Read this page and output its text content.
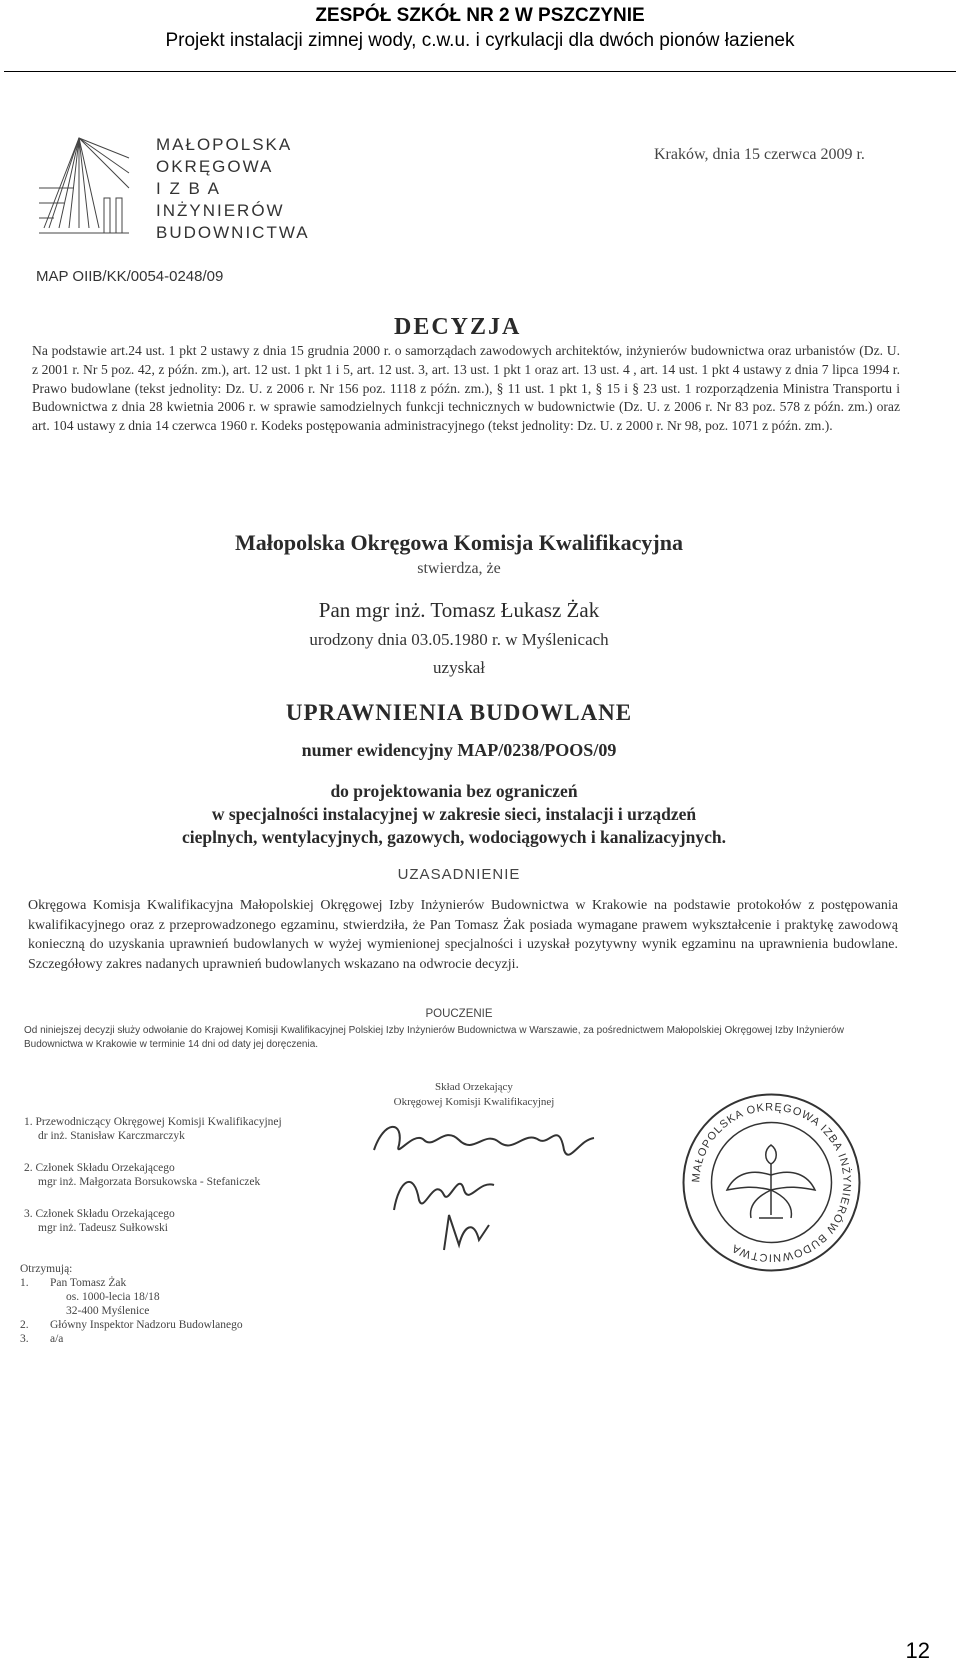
ZESPÓŁ SZKÓŁ NR 2 W PSZCZYNIE
Projekt instalacji zimnej wody, c.w.u. i cyrkulacji dla dwóch pionów łazienek
MAŁOPOLSKA
OKRĘGOWA
I Z B A
INŻYNIERÓW
BUDOWNICTWA
Kraków, dnia 15 czerwca 2009 r.
MAP OIIB/KK/0054-0248/09
DECYZJA
Na podstawie art.24 ust. 1 pkt 2 ustawy z dnia 15 grudnia 2000 r. o samorządach zawodowych architektów, inżynierów budownictwa oraz urbanistów (Dz. U. z 2001 r. Nr 5 poz. 42, z późn. zm.), art. 12 ust. 1 pkt 1 i 5, art. 12 ust. 3, art. 13 ust. 1 pkt 1 oraz art. 13 ust. 4 , art. 14 ust. 1 pkt 4 ustawy z dnia 7 lipca 1994 r. Prawo budowlane (tekst jednolity: Dz. U. z 2006 r. Nr 156 poz. 1118 z późn. zm.), § 11 ust. 1 pkt 1, § 15 i § 23 ust. 1 rozporządzenia Ministra Transportu i Budownictwa z dnia 28 kwietnia 2006 r. w sprawie samodzielnych funkcji technicznych w budownictwie (Dz. U. z 2006 r. Nr 83 poz. 578 z późn. zm.) oraz art. 104 ustawy z dnia 14 czerwca 1960 r. Kodeks postępowania administracyjnego (tekst jednolity: Dz. U. z 2000 r. Nr 98, poz. 1071 z późn. zm.).
Małopolska Okręgowa Komisja Kwalifikacyjna
stwierdza, że
Pan mgr inż. Tomasz Łukasz Żak
urodzony dnia 03.05.1980 r. w Myślenicach
uzyskał
UPRAWNIENIA BUDOWLANE
numer ewidencyjny MAP/0238/POOS/09
do projektowania bez ograniczeń
w specjalności instalacyjnej w zakresie sieci, instalacji i urządzeń
cieplnych, wentylacyjnych, gazowych, wodociągowych i kanalizacyjnych.
UZASADNIENIE
Okręgowa Komisja Kwalifikacyjna Małopolskiej Okręgowej Izby Inżynierów Budownictwa w Krakowie na podstawie protokołów z postępowania kwalifikacyjnego oraz z przeprowadzonego egzaminu, stwierdziła, że Pan Tomasz Żak posiada wymagane prawem wykształcenie i praktykę zawodową konieczną do uzyskania uprawnień budowlanych w wyżej wymienionej specjalności i uzyskał pozytywny wynik egzaminu na uprawnienia budowlane. Szczegółowy zakres nadanych uprawnień budowlanych wskazano na odwrocie decyzji.
POUCZENIE
Od niniejszej decyzji służy odwołanie do Krajowej Komisji Kwalifikacyjnej Polskiej Izby Inżynierów Budownictwa w Warszawie, za pośrednictwem Małopolskiej Okręgowej Izby Inżynierów Budownictwa w Krakowie w terminie 14 dni od daty jej doręczenia.
Skład Orzekający
Okręgowej Komisji Kwalifikacyjnej
1. Przewodniczący Okręgowej Komisji Kwalifikacyjnej
dr inż. Stanisław Karczmarczyk
2. Członek Składu Orzekającego
mgr inż. Małgorzata Borsukowska - Stefaniczek
3. Członek Składu Orzekającego
mgr inż. Tadeusz Sułkowski
MAŁOPOLSKA OKRĘGOWA IZBA INŻYNIERÓW BUDOWNICTWA
Otrzymują:
1.	Pan Tomasz Żak
os. 1000-lecia 18/18
32-400 Myślenice
2.	Główny Inspektor Nadzoru Budowlanego
3.	a/a
12
